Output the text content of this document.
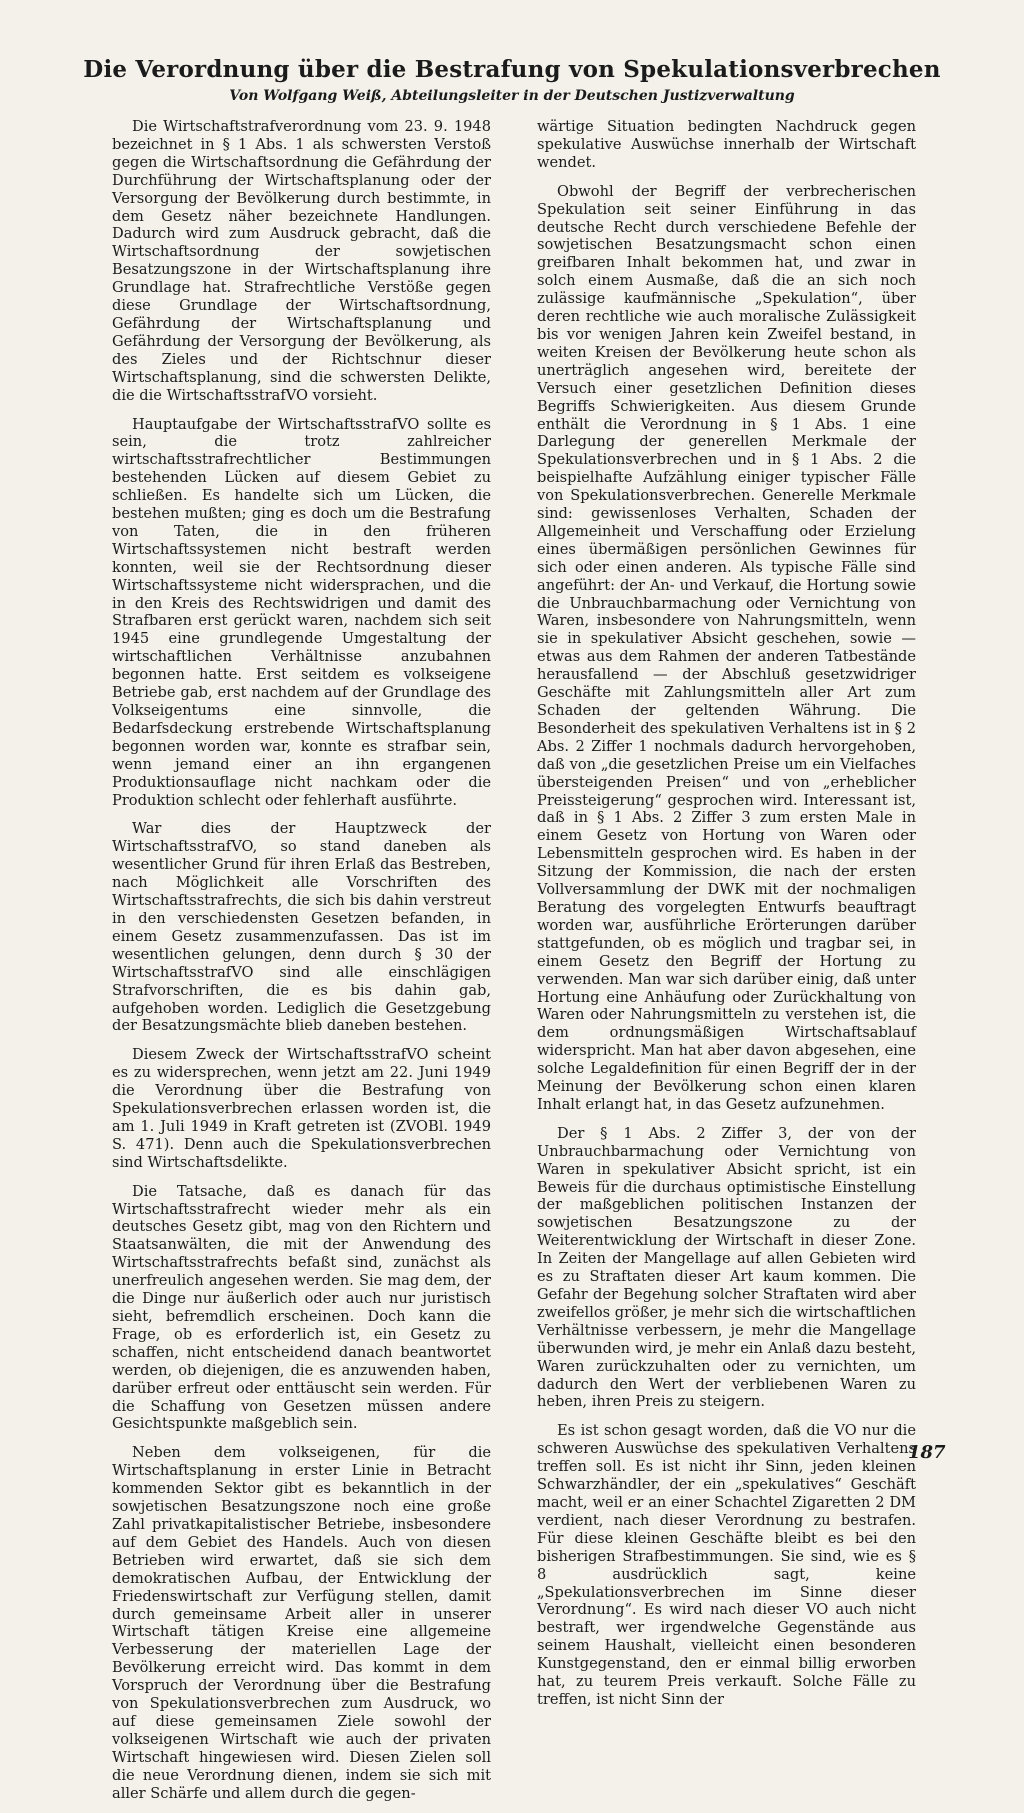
Die Verordnung über die Bestrafung von Spekulationsverbrechen
Von Wolfgang Weiß, Abteilungsleiter in der Deutschen Justizverwaltung

Die Wirtschaftstrafverordnung vom 23. 9. 1948 bezeichnet in § 1 Abs. 1 als schwersten Verstoß gegen die Wirtschaftsordnung die Gefährdung der Durchführung der Wirtschaftsplanung oder der Versorgung der Bevölkerung durch bestimmte, in dem Gesetz näher bezeichnete Handlungen. Dadurch wird zum Ausdruck gebracht, daß die Wirtschaftsordnung der sowjetischen Besatzungszone in der Wirtschaftsplanung ihre Grundlage hat. Strafrechtliche Verstöße gegen diese Grundlage der Wirtschaftsordnung, Gefährdung der Wirtschaftsplanung und Gefährdung der Versorgung der Bevölkerung, als des Zieles und der Richtschnur dieser Wirtschaftsplanung, sind die schwersten Delikte, die die WirtschaftsstrafVO vorsieht.

Hauptaufgabe der WirtschaftsstrafVO sollte es sein, die trotz zahlreicher wirtschaftsstrafrechtlicher Bestimmungen bestehenden Lücken auf diesem Gebiet zu schließen. Es handelte sich um Lücken, die bestehen mußten; ging es doch um die Bestrafung von Taten, die in den früheren Wirtschaftssystemen nicht bestraft werden konnten, weil sie der Rechtsordnung dieser Wirtschaftssysteme nicht widersprachen, und die in den Kreis des Rechtswidrigen und damit des Strafbaren erst gerückt waren, nachdem sich seit 1945 eine grundlegende Umgestaltung der wirtschaftlichen Verhältnisse anzubahnen begonnen hatte. Erst seitdem es volkseigene Betriebe gab, erst nachdem auf der Grundlage des Volkseigentums eine sinnvolle, die Bedarfsdeckung erstrebende Wirtschaftsplanung begonnen worden war, konnte es strafbar sein, wenn jemand einer an ihn ergangenen Produktionsauflage nicht nachkam oder die Produktion schlecht oder fehlerhaft ausführte.

War dies der Hauptzweck der WirtschaftsstrafVO, so stand daneben als wesentlicher Grund für ihren Erlaß das Bestreben, nach Möglichkeit alle Vorschriften des Wirtschaftsstrafrechts, die sich bis dahin verstreut in den verschiedensten Gesetzen befanden, in einem Gesetz zusammenzufassen. Das ist im wesentlichen gelungen, denn durch § 30 der WirtschaftsstrafVO sind alle einschlägigen Strafvorschriften, die es bis dahin gab, aufgehoben worden. Lediglich die Gesetzgebung der Besatzungsmächte blieb daneben bestehen.

Diesem Zweck der WirtschaftsstrafVO scheint es zu widersprechen, wenn jetzt am 22. Juni 1949 die Verordnung über die Bestrafung von Spekulationsverbrechen erlassen worden ist, die am 1. Juli 1949 in Kraft getreten ist (ZVOBl. 1949 S. 471). Denn auch die Spekulationsverbrechen sind Wirtschaftsdelikte.

Die Tatsache, daß es danach für das Wirtschaftsstrafrecht wieder mehr als ein deutsches Gesetz gibt, mag von den Richtern und Staatsanwälten, die mit der Anwendung des Wirtschaftsstrafrechts befaßt sind, zunächst als unerfreulich angesehen werden. Sie mag dem, der die Dinge nur äußerlich oder auch nur juristisch sieht, befremdlich erscheinen. Doch kann die Frage, ob es erforderlich ist, ein Gesetz zu schaffen, nicht entscheidend danach beantwortet werden, ob diejenigen, die es anzuwenden haben, darüber erfreut oder enttäuscht sein werden. Für die Schaffung von Gesetzen müssen andere Gesichtspunkte maßgeblich sein.

Neben dem volkseigenen, für die Wirtschaftsplanung in erster Linie in Betracht kommenden Sektor gibt es bekanntlich in der sowjetischen Besatzungszone noch eine große Zahl privatkapitalistischer Betriebe, insbesondere auf dem Gebiet des Handels. Auch von diesen Betrieben wird erwartet, daß sie sich dem demokratischen Aufbau, der Entwicklung der Friedenswirtschaft zur Verfügung stellen, damit durch gemeinsame Arbeit aller in unserer Wirtschaft tätigen Kreise eine allgemeine Verbesserung der materiellen Lage der Bevölkerung erreicht wird. Das kommt in dem Vorspruch der Verordnung über die Bestrafung von Spekulationsverbrechen zum Ausdruck, wo auf diese gemeinsamen Ziele sowohl der volkseigenen Wirtschaft wie auch der privaten Wirtschaft hingewiesen wird. Diesen Zielen soll die neue Verordnung dienen, indem sie sich mit aller Schärfe und allem durch die gegen-

wärtige Situation bedingten Nachdruck gegen spekulative Auswüchse innerhalb der Wirtschaft wendet.

Obwohl der Begriff der verbrecherischen Spekulation seit seiner Einführung in das deutsche Recht durch verschiedene Befehle der sowjetischen Besatzungsmacht schon einen greifbaren Inhalt bekommen hat, und zwar in solch einem Ausmaße, daß die an sich noch zulässige kaufmännische „Spekulation“, über deren rechtliche wie auch moralische Zulässigkeit bis vor wenigen Jahren kein Zweifel bestand, in weiten Kreisen der Bevölkerung heute schon als unerträglich angesehen wird, bereitete der Versuch einer gesetzlichen Definition dieses Begriffs Schwierigkeiten. Aus diesem Grunde enthält die Verordnung in § 1 Abs. 1 eine Darlegung der generellen Merkmale der Spekulationsverbrechen und in § 1 Abs. 2 die beispielhafte Aufzählung einiger typischer Fälle von Spekulationsverbrechen. Generelle Merkmale sind: gewissenloses Verhalten, Schaden der Allgemeinheit und Verschaffung oder Erzielung eines übermäßigen persönlichen Gewinnes für sich oder einen anderen. Als typische Fälle sind angeführt: der An- und Verkauf, die Hortung sowie die Unbrauchbarmachung oder Vernichtung von Waren, insbesondere von Nahrungsmitteln, wenn sie in spekulativer Absicht geschehen, sowie — etwas aus dem Rahmen der anderen Tatbestände herausfallend — der Abschluß gesetzwidriger Geschäfte mit Zahlungsmitteln aller Art zum Schaden der geltenden Währung. Die Besonderheit des spekulativen Verhaltens ist in § 2 Abs. 2 Ziffer 1 nochmals dadurch hervorgehoben, daß von „die gesetzlichen Preise um ein Vielfaches übersteigenden Preisen“ und von „erheblicher Preissteigerung“ gesprochen wird. Interessant ist, daß in § 1 Abs. 2 Ziffer 3 zum ersten Male in einem Gesetz von Hortung von Waren oder Lebensmitteln gesprochen wird. Es haben in der Sitzung der Kommission, die nach der ersten Vollversammlung der DWK mit der nochmaligen Beratung des vorgelegten Entwurfs beauftragt worden war, ausführliche Erörterungen darüber stattgefunden, ob es möglich und tragbar sei, in einem Gesetz den Begriff der Hortung zu verwenden. Man war sich darüber einig, daß unter Hortung eine Anhäufung oder Zurückhaltung von Waren oder Nahrungsmitteln zu verstehen ist, die dem ordnungsmäßigen Wirtschaftsablauf widerspricht. Man hat aber davon abgesehen, eine solche Legaldefinition für einen Begriff der in der Meinung der Bevölkerung schon einen klaren Inhalt erlangt hat, in das Gesetz aufzunehmen.

Der § 1 Abs. 2 Ziffer 3, der von der Unbrauchbarmachung oder Vernichtung von Waren in spekulativer Absicht spricht, ist ein Beweis für die durchaus optimistische Einstellung der maßgeblichen politischen Instanzen der sowjetischen Besatzungszone zu der Weiterentwicklung der Wirtschaft in dieser Zone. In Zeiten der Mangellage auf allen Gebieten wird es zu Straftaten dieser Art kaum kommen. Die Gefahr der Begehung solcher Straftaten wird aber zweifellos größer, je mehr sich die wirtschaftlichen Verhältnisse verbessern, je mehr die Mangellage überwunden wird, je mehr ein Anlaß dazu besteht, Waren zurückzuhalten oder zu vernichten, um dadurch den Wert der verbliebenen Waren zu heben, ihren Preis zu steigern.

Es ist schon gesagt worden, daß die VO nur die schweren Auswüchse des spekulativen Verhaltens treffen soll. Es ist nicht ihr Sinn, jeden kleinen Schwarzhändler, der ein „spekulatives“ Geschäft macht, weil er an einer Schachtel Zigaretten 2 DM verdient, nach dieser Verordnung zu bestrafen. Für diese kleinen Geschäfte bleibt es bei den bisherigen Strafbestimmungen. Sie sind, wie es § 8 ausdrücklich sagt, keine „Spekulationsverbrechen im Sinne dieser Verordnung“. Es wird nach dieser VO auch nicht bestraft, wer irgendwelche Gegenstände aus seinem Haushalt, vielleicht einen besonderen Kunstgegenstand, den er einmal billig erworben hat, zu teurem Preis verkauft. Solche Fälle zu treffen, ist nicht Sinn der

187
